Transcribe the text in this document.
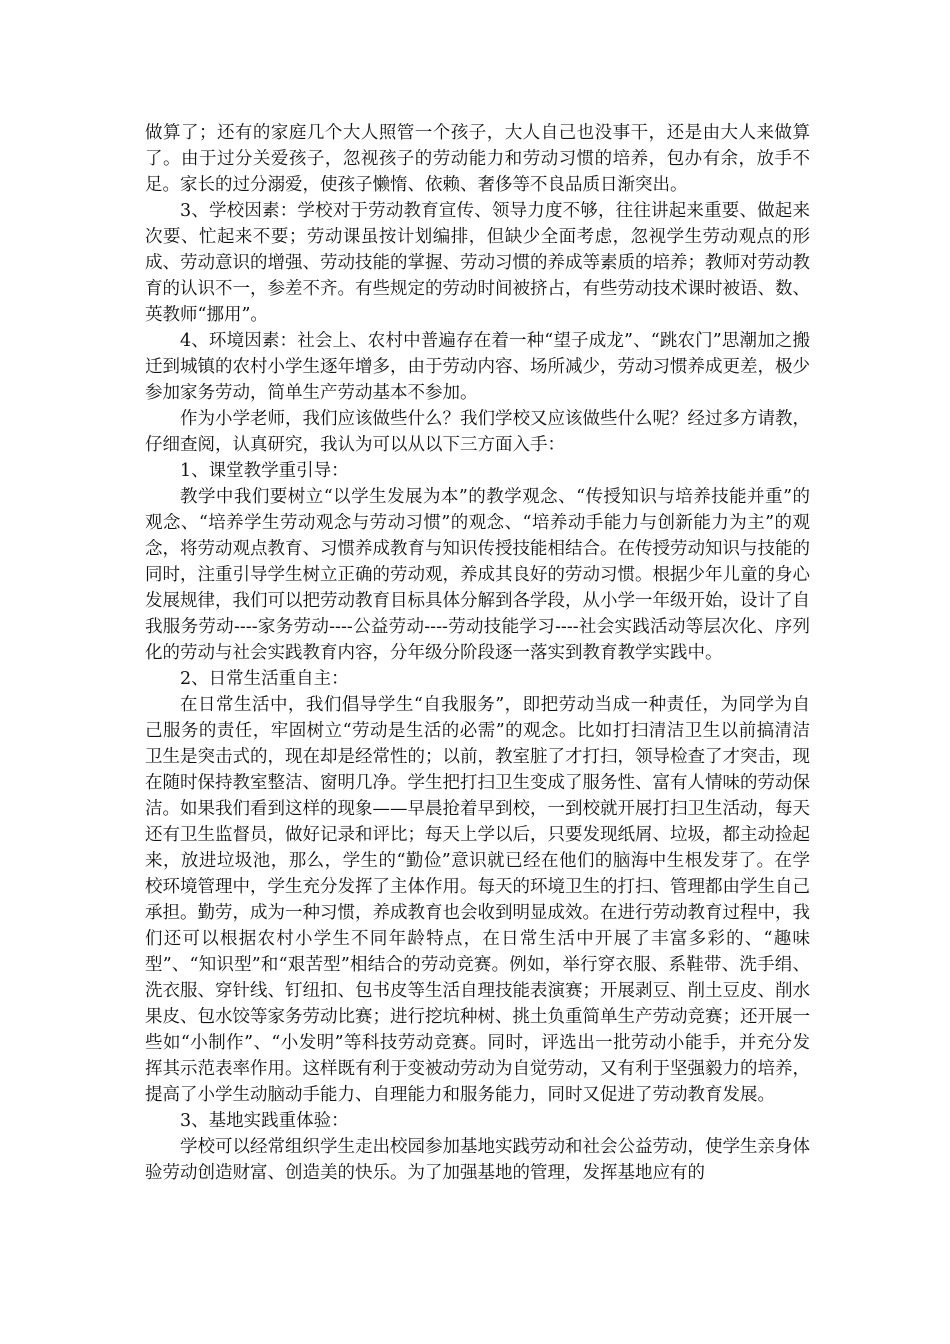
做算了；还有的家庭几个大人照管一个孩子，大人自己也没事干，还是由大人来做算了。由于过分关爱孩子，忽视孩子的劳动能力和劳动习惯的培养，包办有余，放手不足。家长的过分溺爱，使孩子懒惰、依赖、奢侈等不良品质日渐突出。

3、学校因素：学校对于劳动教育宣传、领导力度不够，往往讲起来重要、做起来次要、忙起来不要；劳动课虽按计划编排，但缺少全面考虑，忽视学生劳动观点的形成、劳动意识的增强、劳动技能的掌握、劳动习惯的养成等素质的培养；教师对劳动教育的认识不一，参差不齐。有些规定的劳动时间被挤占，有些劳动技术课时被语、数、英教师“挪用”。

4、环境因素：社会上、农村中普遍存在着一种“望子成龙”、“跳农门”思潮加之搬迁到城镇的农村小学生逐年增多，由于劳动内容、场所减少，劳动习惯养成更差，极少参加家务劳动，简单生产劳动基本不参加。

作为小学老师，我们应该做些什么？我们学校又应该做些什么呢？经过多方请教，仔细查阅，认真研究，我认为可以从以下三方面入手：

1、课堂教学重引导：

教学中我们要树立“以学生发展为本”的教学观念、“传授知识与培养技能并重”的观念、“培养学生劳动观念与劳动习惯”的观念、“培养动手能力与创新能力为主”的观念，将劳动观点教育、习惯养成教育与知识传授技能相结合。在传授劳动知识与技能的同时，注重引导学生树立正确的劳动观，养成其良好的劳动习惯。根据少年儿童的身心发展规律，我们可以把劳动教育目标具体分解到各学段，从小学一年级开始，设计了自我服务劳动----家务劳动----公益劳动----劳动技能学习----社会实践活动等层次化、序列化的劳动与社会实践教育内容，分年级分阶段逐一落实到教育教学实践中。

2、日常生活重自主：

在日常生活中，我们倡导学生“自我服务”，即把劳动当成一种责任，为同学为自己服务的责任，牢固树立“劳动是生活的必需”的观念。比如打扫清洁卫生以前搞清洁卫生是突击式的，现在却是经常性的；以前，教室脏了才打扫，领导检查了才突击，现在随时保持教室整洁、窗明几净。学生把打扫卫生变成了服务性、富有人情味的劳动保洁。如果我们看到这样的现象——早晨抢着早到校，一到校就开展打扫卫生活动，每天还有卫生监督员，做好记录和评比；每天上学以后，只要发现纸屑、垃圾，都主动捡起来，放进垃圾池，那么，学生的“勤俭”意识就已经在他们的脑海中生根发芽了。在学校环境管理中，学生充分发挥了主体作用。每天的环境卫生的打扫、管理都由学生自己承担。勤劳，成为一种习惯，养成教育也会收到明显成效。在进行劳动教育过程中，我们还可以根据农村小学生不同年龄特点，在日常生活中开展了丰富多彩的、“趣味型”、“知识型”和“艰苦型”相结合的劳动竞赛。例如，举行穿衣服、系鞋带、洗手绢、洗衣服、穿针线、钉纽扣、包书皮等生活自理技能表演赛；开展剥豆、削土豆皮、削水果皮、包水饺等家务劳动比赛；进行挖坑种树、挑土负重简单生产劳动竞赛；还开展一些如“小制作”、“小发明”等科技劳动竞赛。同时，评选出一批劳动小能手，并充分发挥其示范表率作用。这样既有利于变被动劳动为自觉劳动，又有利于坚强毅力的培养，提高了小学生动脑动手能力、自理能力和服务能力，同时又促进了劳动教育发展。

3、基地实践重体验：

学校可以经常组织学生走出校园参加基地实践劳动和社会公益劳动，使学生亲身体验劳动创造财富、创造美的快乐。为了加强基地的管理，发挥基地应有的
